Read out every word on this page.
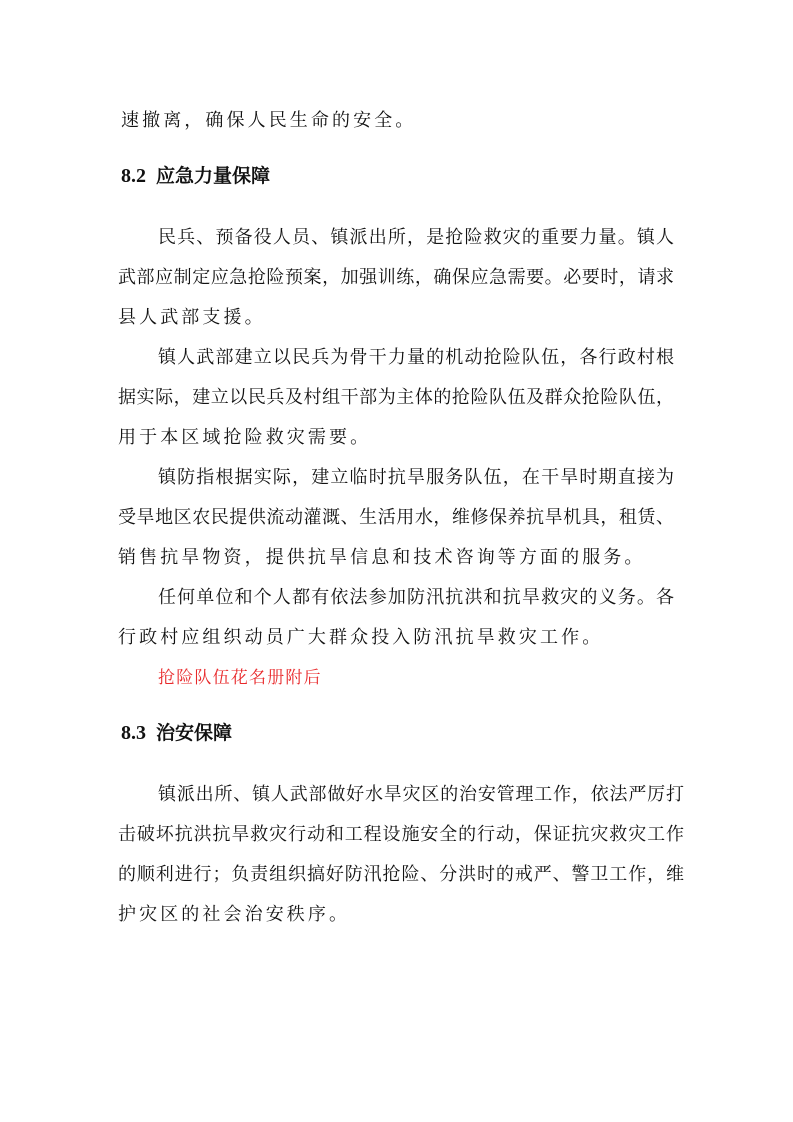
速撤离，确保人民生命的安全。
8.2 应急力量保障
民兵、预备役人员、镇派出所，是抢险救灾的重要力量。镇人
武部应制定应急抢险预案，加强训练，确保应急需要。必要时，请求
县人武部支援。
镇人武部建立以民兵为骨干力量的机动抢险队伍，各行政村根
据实际，建立以民兵及村组干部为主体的抢险队伍及群众抢险队伍，
用于本区域抢险救灾需要。
镇防指根据实际，建立临时抗旱服务队伍，在干旱时期直接为
受旱地区农民提供流动灌溉、生活用水，维修保养抗旱机具，租赁、
销售抗旱物资，提供抗旱信息和技术咨询等方面的服务。
任何单位和个人都有依法参加防汛抗洪和抗旱救灾的义务。各
行政村应组织动员广大群众投入防汛抗旱救灾工作。
抢险队伍花名册附后
8.3 治安保障
镇派出所、镇人武部做好水旱灾区的治安管理工作，依法严厉打
击破坏抗洪抗旱救灾行动和工程设施安全的行动，保证抗灾救灾工作
的顺利进行；负责组织搞好防汛抢险、分洪时的戒严、警卫工作，维
护灾区的社会治安秩序。
